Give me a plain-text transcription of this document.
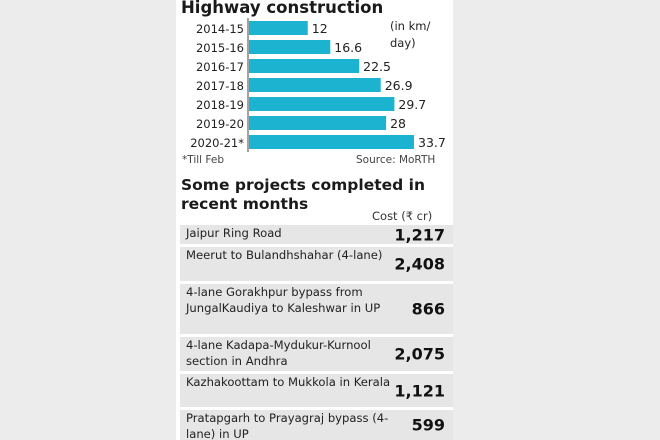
Highway construction
(in km/ day)
2014-15	12
2015-16	16.6
2016-17	22.5
2017-18	26.9
2018-19	29.7
2019-20	28
2020-21*	33.7
*Till Feb	Source: MoRTH
Some projects completed in recent months
Cost (₹ cr)
Jaipur Ring Road	1,217
Meerut to Bulandhshahar (4-lane) 2,408
4-lane Gorakhpur bypass from JungalKaudiya to Kaleshwar in UP	866
4-lane Kadapa-Mydukur-Kurnool section in Andhra	2,075
Kazhakoottam to Mukkola in Kerala 1,121
Pratapgarh to Prayagraj bypass (4-lane) in UP	599
